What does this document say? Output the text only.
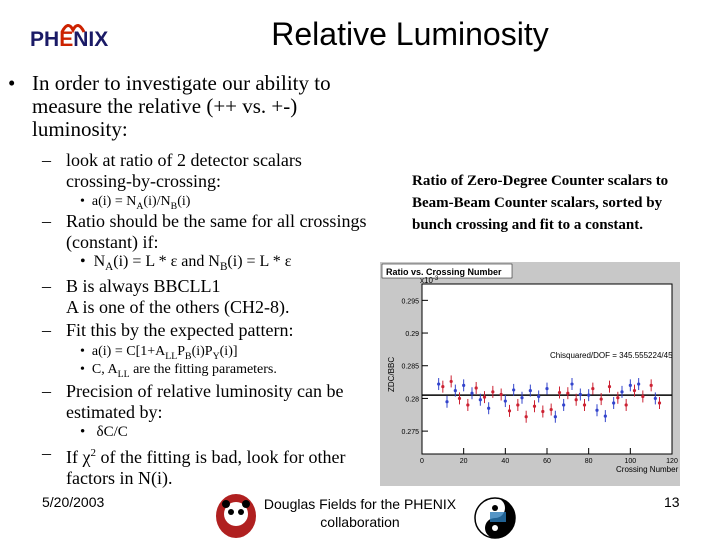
PHENIX	Relative Luminosity
• In order to investigate our ability to measure the relative (++ vs. +-) luminosity:
– look at ratio of 2 detector scalars crossing-by-crossing:
•  $a(i) = N_A(i)/N_B(i)$
– Ratio should be the same for all crossings (constant) if:
•  $N_A(i) = L * \varepsilon$ and $N_B(i) = L * \varepsilon$
– B is always BBCLL1
A is one of the others (CH2-8).
– Fit this by the expected pattern:
•  $a(i) = C[1+A_{LL}P_B(i)P_Y(i)]$
•  C, $A_{LL}$ are the fitting parameters.
– Precision of relative luminosity can be estimated by:
•   δC/C
– If $\chi^2$ of the fitting is bad, look for other factors in N(i).
Ratio of Zero-Degree Counter scalars to Beam-Beam Counter scalars, sorted by bunch crossing and fit to a constant.
Ratio vs. Crossing Number
$x10^{-3}$
ZDC/BBC
Crossing Number
Chisquared/DOF = 345.555224/45
0.275
0.28
0.285
0.29
0.295
0	20	40	60	80	100	120
5/20/2003	Douglas Fields for the PHENIX collaboration
13
